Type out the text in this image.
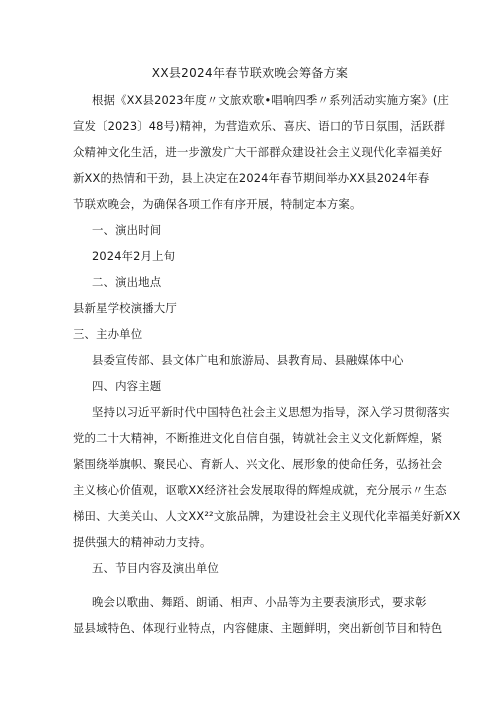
XX县2024年春节联欢晚会筹备方案
根据《XX县2023年度〃文旅欢歌•唱响四季〃系列活动实施方案》(庄
宣发〔2023〕48号)精神，为营造欢乐、喜庆、语口的节日氛围，活跃群
众精神文化生活，进一步激发广大干部群众建设社会主义现代化幸福美好
新XX的热情和干劲，县上决定在2024年春节期间举办XX县2024年春
节联欢晚会，为确保各项工作有序开展，特制定本方案。
一、演出时间
2024年2月上旬
二、演出地点
县新星学校演播大厅
三、主办单位
县委宣传部、县文体广电和旅游局、县教育局、县融媒体中心
四、内容主题
坚持以习近平新时代中国特色社会主义思想为指导，深入学习贯彻落实
党的二十大精神，不断推进文化自信自强，铸就社会主义文化新辉煌，紧
紧围绕举旗帜、聚民心、育新人、兴文化、展形象的使命任务，弘扬社会
主义核心价值观，讴歌XX经济社会发展取得的辉煌成就，充分展示〃生态
梯田、大美关山、人文XX²²文旅品牌，为建设社会主义现代化幸福美好新XX
提供强大的精神动力支持。
五、节目内容及演出单位
晚会以歌曲、舞蹈、朗诵、相声、小品等为主要表演形式，要求彰
显县域特色、体现行业特点，内容健康、主题鲜明，突出新创节目和特色
